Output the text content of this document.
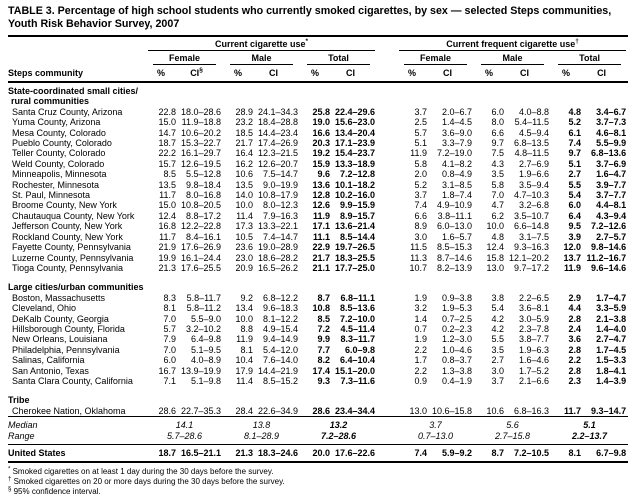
TABLE 3. Percentage of high school students who currently smoked cigarettes, by sex — selected Steps communities, Youth Risk Behavior Survey, 2007

	Current cigarette use*							Current frequent cigarette use†

	Female		Male		Total			Female		Male		Total	

Steps community	%	CI§	%	CI	%	CI		%	CI	%	CI	%	CI

State-coordinated small cities/
rural communities													

Santa Cruz County, Arizona	22.8	18.0–28.6	28.9	24.1–34.3	25.8	22.4–29.6		3.7	2.0–6.7	6.0	4.0–8.8	4.8	3.4–6.7
Yuma County, Arizona	15.0	11.9–18.8	23.2	18.4–28.8	19.0	15.6–23.0		2.5	1.4–4.5	8.0	5.4–11.5	5.2	3.7–7.3
Mesa County, Colorado	14.7	10.6–20.2	18.5	14.4–23.4	16.6	13.4–20.4		5.7	3.6–9.0	6.6	4.5–9.4	6.1	4.6–8.1
Pueblo County, Colorado	18.7	15.3–22.7	21.7	17.4–26.9	20.3	17.1–23.9		5.1	3.3–7.9	9.7	6.8–13.5	7.4	5.5–9.9
Teller County, Colorado	22.2	16.1–29.7	16.4	12.3–21.5	19.2	15.4–23.7		11.9	7.2–19.0	7.5	4.8–11.5	9.7	6.8–13.6
Weld County, Colorado	15.7	12.6–19.5	16.2	12.6–20.7	15.9	13.3–18.9		5.8	4.1–8.2	4.3	2.7–6.9	5.1	3.7–6.9
Minneapolis, Minnesota	8.5	5.5–12.8	10.6	7.5–14.7	9.6	7.2–12.8		2.0	0.8–4.9	3.5	1.9–6.6	2.7	1.6–4.7
Rochester, Minnesota	13.5	9.8–18.4	13.5	9.0–19.9	13.6	10.1–18.2		5.2	3.1–8.5	5.8	3.5–9.4	5.5	3.9–7.7
St. Paul, Minnesota	11.7	8.0–16.8	14.0	10.8–17.9	12.8	10.2–16.0		3.7	1.8–7.4	7.0	4.7–10.3	5.4	3.7–7.7
Broome County, New York	15.0	10.8–20.5	10.0	8.0–12.3	12.6	9.9–15.9		7.4	4.9–10.9	4.7	3.2–6.8	6.0	4.4–8.1
Chautauqua County, New York	12.4	8.8–17.2	11.4	7.9–16.3	11.9	8.9–15.7		6.6	3.8–11.1	6.2	3.5–10.7	6.4	4.3–9.4
Jefferson County, New York	16.8	12.2–22.8	17.3	13.3–22.1	17.1	13.6–21.4		8.9	6.0–13.0	10.0	6.6–14.8	9.5	7.2–12.6
Rockland County, New York	11.7	8.4–16.1	10.5	7.4–14.7	11.1	8.5–14.4		3.0	1.6–5.7	4.8	3.1–7.5	3.9	2.7–5.7
Fayette County, Pennsylvania	21.9	17.6–26.9	23.6	19.0–28.9	22.9	19.7–26.5		11.5	8.5–15.3	12.4	9.3–16.3	12.0	9.8–14.6
Luzerne County, Pennsylvania	19.9	16.1–24.4	23.0	18.6–28.2	21.7	18.3–25.5		11.3	8.7–14.6	15.8	12.1–20.2	13.7	11.2–16.7
Tioga County, Pennsylvania	21.3	17.6–25.5	20.9	16.5–26.2	21.1	17.7–25.0		10.7	8.2–13.9	13.0	9.7–17.2	11.9	9.6–14.6

Large cities/urban communities													

Boston, Massachusetts	8.3	5.8–11.7	9.2	6.8–12.2	8.7	6.8–11.1		1.9	0.9–3.8	3.8	2.2–6.5	2.9	1.7–4.7
Cleveland, Ohio	8.1	5.8–11.2	13.4	9.6–18.3	10.8	8.5–13.6		3.2	1.9–5.3	5.4	3.6–8.1	4.4	3.3–5.9
DeKalb County, Georgia	7.0	5.5–9.0	10.0	8.1–12.2	8.5	7.2–10.0		1.4	0.7–2.5	4.2	3.0–5.9	2.8	2.1–3.8
Hillsborough County, Florida	5.7	3.2–10.2	8.8	4.9–15.4	7.2	4.5–11.4		0.7	0.2–2.3	4.2	2.3–7.8	2.4	1.4–4.0
New Orleans, Louisiana	7.9	6.4–9.8	11.9	9.4–14.9	9.9	8.3–11.7		1.9	1.2–3.0	5.5	3.8–7.7	3.6	2.7–4.7
Philadelphia, Pennsylvania	7.0	5.1–9.5	8.1	5.4–12.0	7.7	6.0–9.8		2.2	1.0–4.6	3.5	1.9–6.3	2.8	1.7–4.5
Salinas, California	6.0	4.0–8.9	10.4	7.6–14.0	8.2	6.4–10.4		1.7	0.8–3.7	2.7	1.6–4.6	2.2	1.5–3.3
San Antonio, Texas	16.7	13.9–19.9	17.9	14.4–21.9	17.4	15.1–20.0		2.2	1.3–3.8	3.0	1.7–5.2	2.8	1.8–4.1
Santa Clara County, California	7.1	5.1–9.8	11.4	8.5–15.2	9.3	7.3–11.6		0.9	0.4–1.9	3.7	2.1–6.6	2.3	1.4–3.9

Tribe													

Cherokee Nation, Oklahoma	28.6	22.7–35.3	28.4	22.6–34.9	28.6	23.4–34.4		13.0	10.6–15.8	10.6	6.8–16.3	11.7	9.3–14.7
Median	14.1		13.8		13.2			3.7		5.6		5.1	
Range	5.7–28.6		8.1–28.9		7.2–28.6			0.7–13.0		2.7–15.8		2.2–13.7	
United States	18.7	16.5–21.1	21.3	18.3–24.6	20.0	17.6–22.6		7.4	5.9–9.2	8.7	7.2–10.5	8.1	6.7–9.8
* Smoked cigarettes on at least 1 day during the 30 days before the survey.
† Smoked cigarettes on 20 or more days during the 30 days before the survey.
§ 95% confidence interval.
